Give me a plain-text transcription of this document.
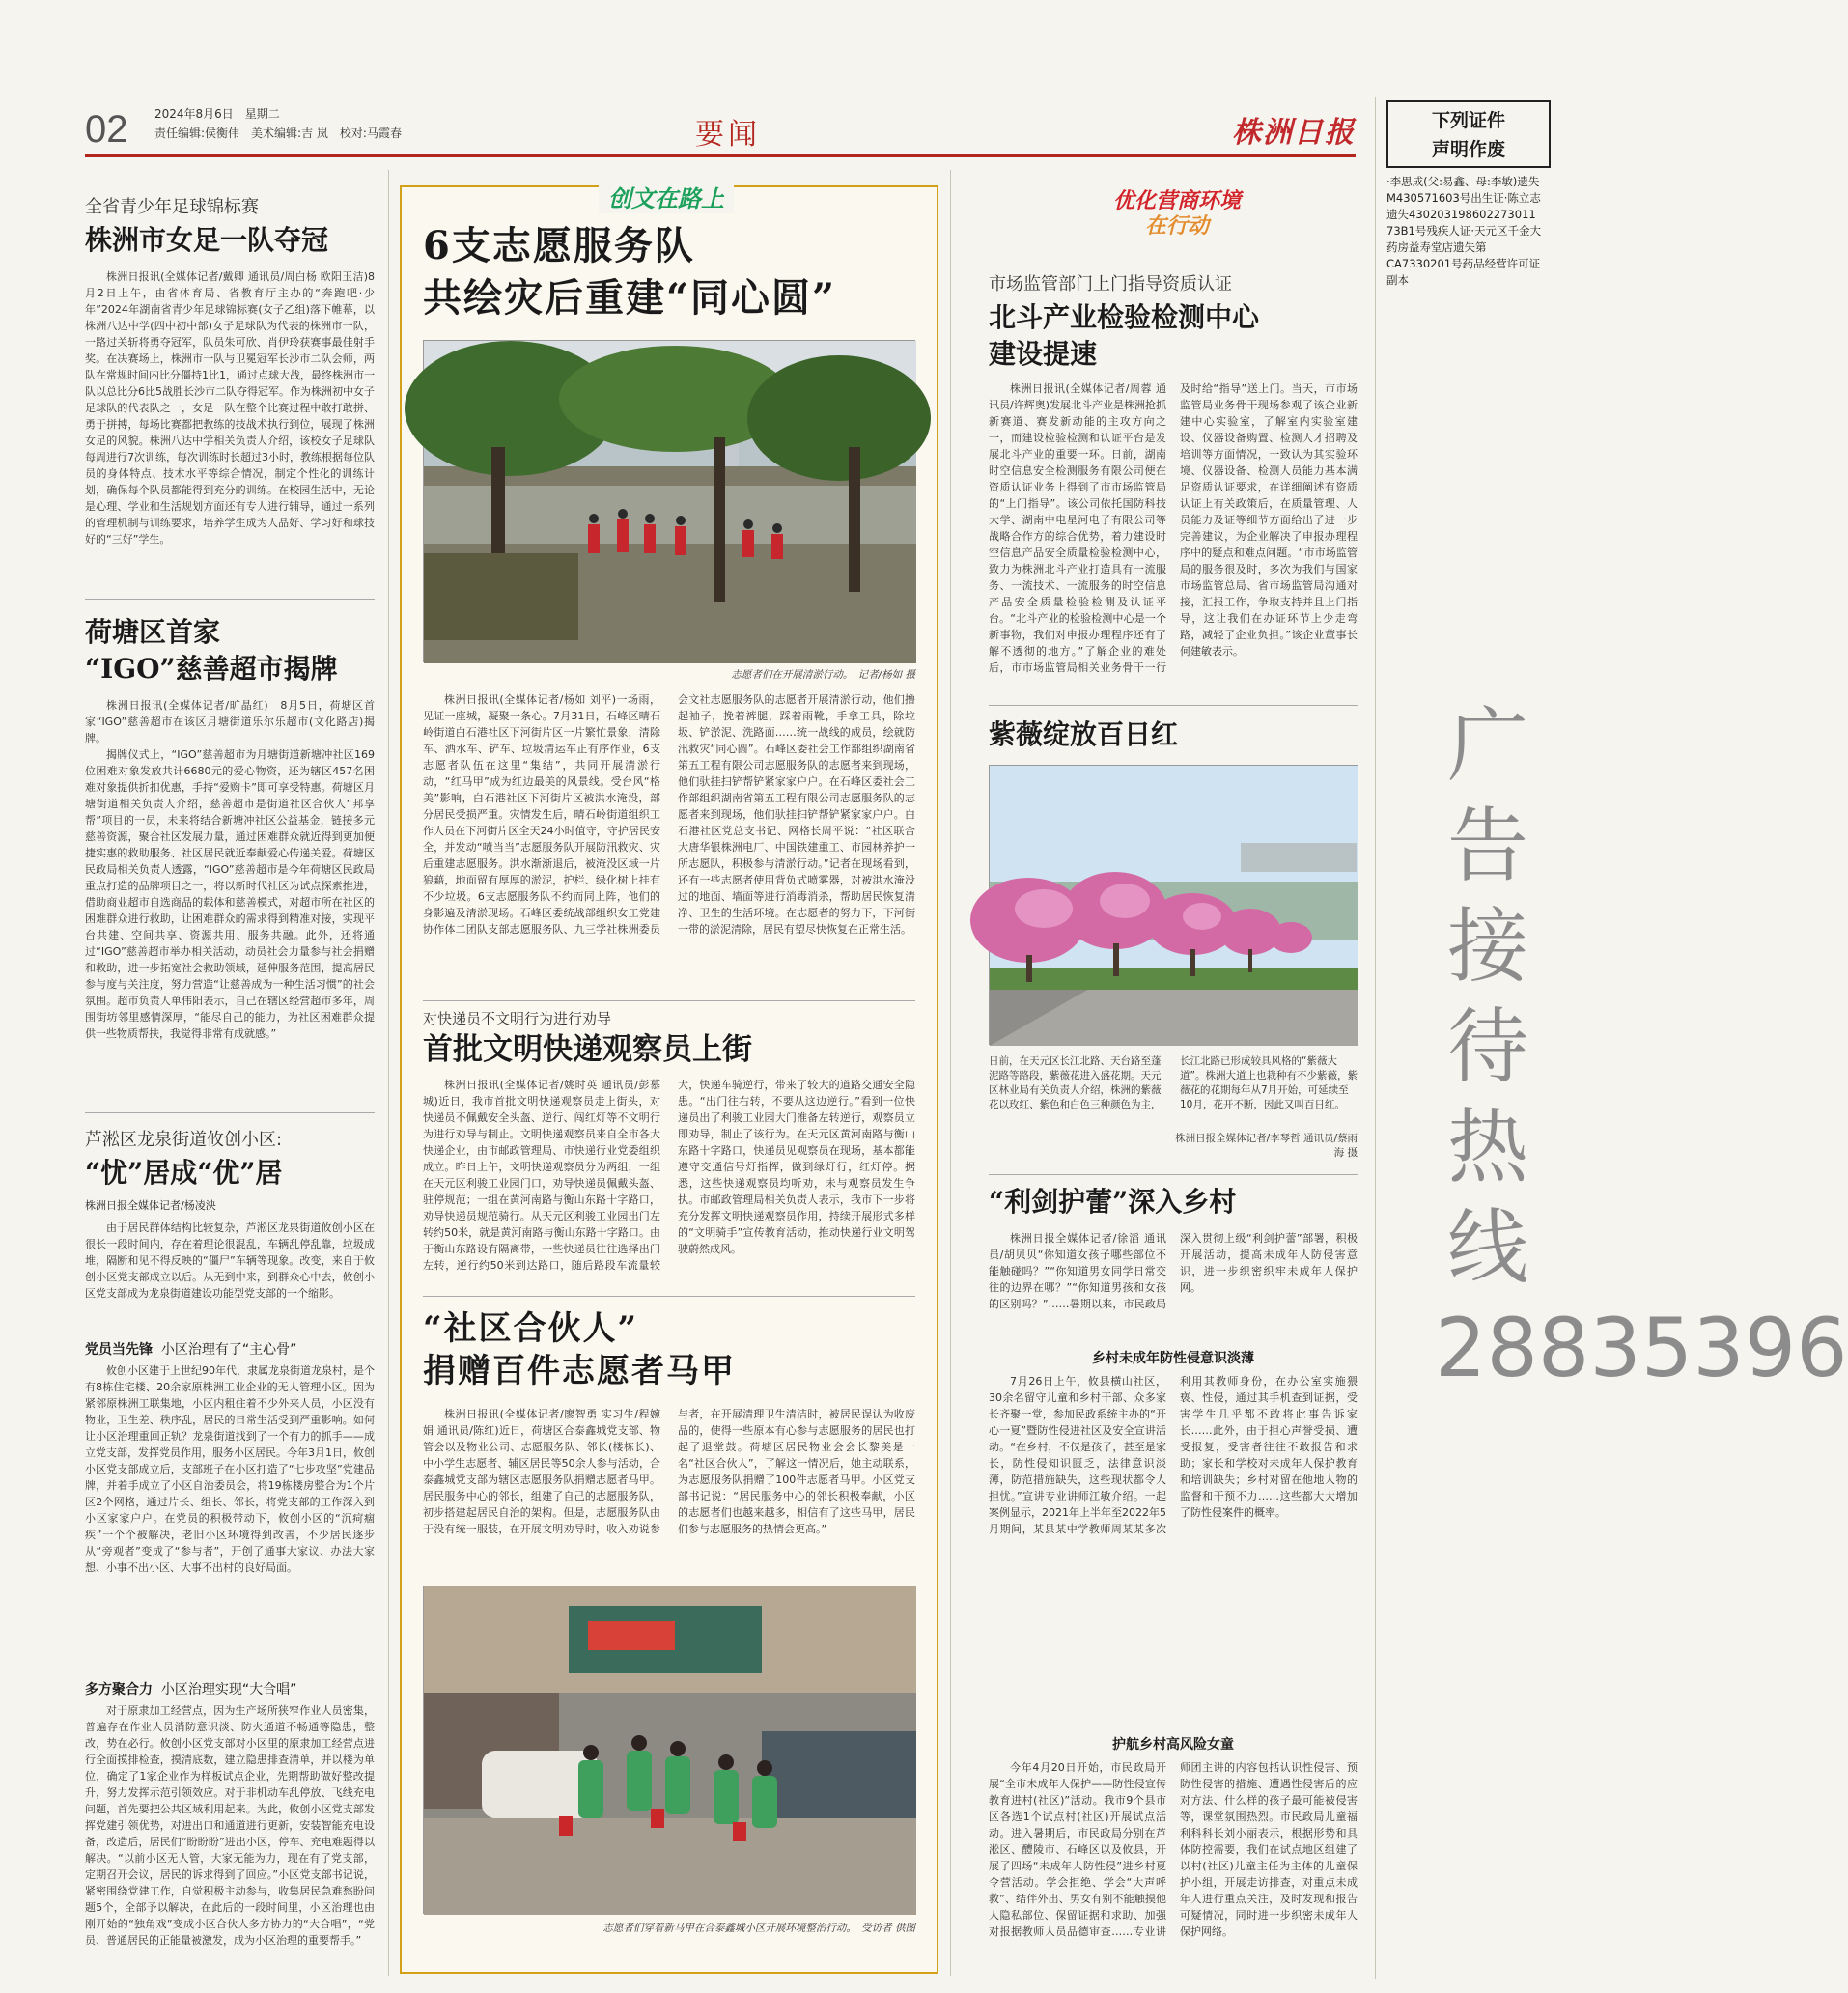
02 2024年8月6日　星期二
责任编辑:侯衡伟　美术编辑:吉 岚　校对:马霞春	要闻	株洲日报	下列证件
声明作废
·李思成(父:易鑫、母:李敏)遗失M430571603号出生证·陈立志遗失430203198602273011 73B1号残疾人证·天元区千金大药房益寿堂店遗失第CA7330201号药品经营许可证副本
广告接待热线28835396
全省青少年足球锦标赛
株洲市女足一队夺冠

株洲日报讯(全媒体记者/戴卿 通讯员/周白杨 欧阳玉洁)8月2日上午，由省体育局、省教育厅主办的“奔跑吧·少年”2024年湖南省青少年足球锦标赛(女子乙组)落下帷幕，以株洲八达中学(四中初中部)女子足球队为代表的株洲市一队，一路过关斩将勇夺冠军，队员朱可欣、肖伊玲获赛事最佳射手奖。在决赛场上，株洲市一队与卫冕冠军长沙市二队会师，两队在常规时间内比分僵持1比1，通过点球大战，最终株洲市一队以总比分6比5战胜长沙市二队夺得冠军。作为株洲初中女子足球队的代表队之一，女足一队在整个比赛过程中敢打敢拼、勇于拼搏，每场比赛都把教练的技战术执行到位，展现了株洲女足的风貌。株洲八达中学相关负责人介绍，该校女子足球队每周进行7次训练，每次训练时长超过3小时，教练根据每位队员的身体特点、技术水平等综合情况，制定个性化的训练计划，确保每个队员都能得到充分的训练。在校园生活中，无论是心理、学业和生活规划方面还有专人进行辅导，通过一系列的管理机制与训练要求，培养学生成为人品好、学习好和球技好的“三好”学生。

荷塘区首家
“IGO”慈善超市揭牌

株洲日报讯(全媒体记者/旷晶红)　8月5日，荷塘区首家“IGO”慈善超市在该区月塘街道乐尔乐超市(文化路店)揭牌。

揭牌仪式上，“IGO”慈善超市为月塘街道新塘冲社区169位困难对象发放共计6680元的爱心物资，还为辖区457名困难对象提供折扣优惠，手持“爱购卡”即可享受特惠。荷塘区月塘街道相关负责人介绍，慈善超市是街道社区合伙人“邦享帮”项目的一员，未来将结合新塘冲社区公益基金，链接多元慈善资源，聚合社区发展力量，通过困难群众就近得到更加便捷实惠的救助服务、社区居民就近奉献爱心传递关爱。荷塘区民政局相关负责人透露，“IGO”慈善超市是今年荷塘区民政局重点打造的品牌项目之一，将以新时代社区为试点探索推进，借助商业超市自选商品的载体和慈善模式，对超市所在社区的困难群众进行救助，让困难群众的需求得到精准对接，实现平台共建、空间共享、资源共用、服务共融。此外，还将通过“IGO”慈善超市举办相关活动，动员社会力量参与社会捐赠和救助，进一步拓宽社会救助领域，延伸服务范围，提高居民参与度与关注度，努力营造“让慈善成为一种生活习惯”的社会氛围。超市负责人单伟阳表示，自己在辖区经营超市多年，周围街坊邻里感情深厚，“能尽自己的能力，为社区困难群众提供一些物质帮扶，我觉得非常有成就感。”

芦淞区龙泉街道攸创小区:
“忧”居成“优”居
株洲日报全媒体记者/杨凌泱

由于居民群体结构比较复杂，芦淞区龙泉街道攸创小区在很长一段时间内，存在着理论很混乱，车辆乱停乱靠，垃圾成堆，隔断和见不得反映的“僵尸”车辆等现象。改变，来自于攸创小区党支部成立以后。从无到中来，到群众心中去，攸创小区党支部成为龙泉街道建设功能型党支部的一个缩影。

党员当先锋 小区治理有了“主心骨”

攸创小区建于上世纪90年代，隶属龙泉街道龙泉村，是个有8栋住宅楼、20余家原株洲工业企业的无人管理小区。因为紧邻原株洲工联集地，小区内租住着不少外来人员，小区没有物业，卫生差、秩序乱，居民的日常生活受到严重影响。如何让小区治理重回正轨？龙泉街道找到了一个有力的抓手——成立党支部，发挥党员作用，服务小区居民。今年3月1日，攸创小区党支部成立后，支部班子在小区打造了“七步攻坚”党建品牌，并着手成立了小区自治委员会，将19栋楼房整合为1个片区2个网格，通过片长、组长、邻长，将党支部的工作深入到小区家家户户。在党员的积极带动下，攸创小区的“沉疴痼疾”一个个被解决，老旧小区环境得到改善，不少居民逐步从“旁观者”变成了“参与者”，开创了通事大家议、办法大家想、小事不出小区、大事不出村的良好局面。

多方聚合力 小区治理实现“大合唱”

对于原隶加工经营点，因为生产场所狭窄作业人员密集，普遍存在作业人员消防意识淡、防火通道不畅通等隐患，整改，势在必行。攸创小区党支部对小区里的原隶加工经营点进行全面摸排检查，摸清底数，建立隐患排查清单，并以楼为单位，确定了1家企业作为样板试点企业，先期帮助做好整改提升，努力发挥示范引领效应。对于非机动车乱停放、飞线充电问题，首先要把公共区域利用起来。为此，攸创小区党支部发挥党建引领优势，对进出口和通道进行更新，安装智能充电设备，改造后，居民们“盼盼盼”进出小区，停车、充电难题得以解决。“以前小区无人管，大家无能为力，现在有了党支部，定期召开会议，居民的诉求得到了回应。”小区党支部书记说，紧密围绕党建工作，自觉积极主动参与，收集居民急难愁盼问题5个，全部予以解决，在此后的一段时间里，小区治理也由刚开始的“独角戏”变成小区合伙人多方协力的“大合唱”，“党员、普通居民的正能量被激发，成为小区治理的重要帮手。”

创文在路上
6支志愿服务队
共绘灾后重建“同心圆”
志愿者们在开展清淤行动。　记者/杨如 摄

株洲日报讯(全媒体记者/杨如 刘平)一场雨，见证一座城，凝聚一条心。7月31日，石峰区晴石岭街道白石港社区下河街片区一片繁忙景象，清除车、洒水车、铲车、垃圾清运车正有序作业，6支志愿者队伍在这里“集结”，共同开展清淤行动，“红马甲”成为红边最美的风景线。受台风“格美”影响，白石港社区下河街片区被洪水淹没，部分居民受损严重。灾情发生后，晴石岭街道组织工作人员在下河街片区全天24小时值守，守护居民安全，并发动“喷当当”志愿服务队开展防汛救灾、灾后重建志愿服务。洪水渐渐退后，被淹没区域一片狼藉，地面留有厚厚的淤泥，护栏、绿化树上挂有不少垃圾。6支志愿服务队不约而同上阵，他们的身影遍及清淤现场。石峰区委统战部组织女工党建协作体二团队支部志愿服务队、九三学社株洲委员会文社志愿服务队的志愿者开展清淤行动，他们撸起袖子，挽着裤腿，踩着雨靴，手拿工具，除垃圾、铲淤泥、洗路面……统一战线的成员，绘就防汛救灾“同心圆”。石峰区委社会工作部组织湖南省第五工程有限公司志愿服务队的志愿者来到现场，他们驮挂扫铲帮铲紧家家户户。在石峰区委社会工作部组织湖南省第五工程有限公司志愿服务队的志愿者来到现场，他们驮挂扫铲帮铲紧家家户户。白石港社区党总支书记、网格长周平说：“社区联合大唐华银株洲电厂、中国铁建重工、市园林养护一所志愿队，积极参与清淤行动。”记者在现场看到，还有一些志愿者使用背负式喷雾器，对被洪水淹没过的地面、墙面等进行消毒消杀，帮助居民恢复清净、卫生的生活环境。在志愿者的努力下，下河街一带的淤泥清除，居民有望尽快恢复在正常生活。

对快递员不文明行为进行劝导
首批文明快递观察员上街

株洲日报讯(全媒体记者/姚时英 通讯员/彭慕城)近日，我市首批文明快递观察员走上街头，对快递员不佩戴安全头盔、逆行、闯红灯等不文明行为进行劝导与制止。文明快递观察员来自全市各大快递企业，由市邮政管理局、市快递行业党委组织成立。昨日上午，文明快递观察员分为两组，一组在天元区利骏工业园门口，劝导快递员佩戴头盔、驻停规范；一组在黄河南路与衡山东路十字路口，劝导快递员规范骑行。从天元区利骏工业园出门左转约50米，就是黄河南路与衡山东路十字路口。由于衡山东路设有隔离带，一些快递员往往选择出门左转，逆行约50米到达路口，随后路段车流量较大，快递车骑逆行，带来了较大的道路交通安全隐患。“出门往右转，不要从这边逆行。”看到一位快递员出了利骏工业园大门准备左转逆行，观察员立即劝导，制止了该行为。在天元区黄河南路与衡山东路十字路口，快递员见观察员在现场，基本都能遵守交通信号灯指挥，做到绿灯行，红灯停。据悉，这些快递观察员均听劝，未与观察员发生争执。市邮政管理局相关负责人表示，我市下一步将充分发挥文明快递观察员作用，持续开展形式多样的“文明骑手”宣传教育活动，推动快递行业文明驾驶蔚然成风。

“社区合伙人”
捐赠百件志愿者马甲

株洲日报讯(全媒体记者/廖智勇 实习生/程婉娟 通讯员/陈红)近日，荷塘区合泰鑫城党支部、物管会以及物业公司、志愿服务队、邻长(楼栋长)、中小学生志愿者、辅区居民等50余人参与活动，合泰鑫城党支部为辖区志愿服务队捐赠志愿者马甲。居民服务中心的邻长，组建了自己的志愿服务队，初步搭建起居民自治的架构。但是，志愿服务队由于没有统一服装，在开展文明劝导时，收入劝说参与者，在开展清理卫生清洁时，被居民误认为收废品的，使得一些原本有心参与志愿服务的居民也打起了退堂鼓。荷塘区居民物业会会长黎美是一名“社区合伙人”，了解这一情况后，她主动联系，为志愿服务队捐赠了100件志愿者马甲。小区党支部书记说：“居民服务中心的邻长积极奉献，小区的志愿者们也越来越多，相信有了这些马甲，居民们参与志愿服务的热情会更高。”

志愿者们穿着新马甲在合泰鑫城小区开展环境整治行动。　受访者 供图
优化营商环境
在行动
市场监管部门上门指导资质认证
北斗产业检验检测中心
建设提速

株洲日报讯(全媒体记者/周蓉 通讯员/许辉奥)发展北斗产业是株洲抢抓新赛道、赛发新动能的主攻方向之一，而建设检验检测和认证平台是发展北斗产业的重要一环。日前，湖南时空信息安全检测服务有限公司便在资质认证业务上得到了市市场监管局的“上门指导”。该公司依托国防科技大学、湖南中电星河电子有限公司等战略合作方的综合优势，着力建设时空信息产品安全质量检验检测中心，致力为株洲北斗产业打造具有一流服务、一流技术、一流服务的时空信息产品安全质量检验检测及认证平台。“北斗产业的检验检测中心是一个新事物，我们对申报办理程序还有了解不透彻的地方。”了解企业的难处后，市市场监管局相关业务骨干一行及时给“指导”送上门。当天，市市场监管局业务骨干现场参观了该企业新建中心实验室，了解室内实验室建设、仪器设备购置、检测人才招聘及培训等方面情况，一致认为其实验环境、仪器设备、检测人员能力基本满足资质认证要求，在详细阐述有资质认证上有关政策后，在质量管理、人员能力及证等细节方面给出了进一步完善建议，为企业解决了申报办理程序中的疑点和难点问题。“市市场监管局的服务很及时，多次为我们与国家市场监管总局、省市场监管局沟通对接，汇报工作，争取支持并且上门指导，这让我们在办证环节上少走弯路，减轻了企业负担。”该企业董事长何建敏表示。

紫薇绽放百日红
日前，在天元区长江北路、天台路至蓬泥路等路段，紫薇花进入盛花期。天元区林业局有关负责人介绍，株洲的紫薇花以玫红、紫色和白色三种颜色为主，长江北路已形成较具风格的“紫薇大道”。株洲大道上也栽种有不少紫薇，紫薇花的花期每年从7月开始，可延续至10月，花开不断，因此又叫百日红。
株洲日报全媒体记者/李琴哲 通讯员/蔡雨海 摄
“利剑护蕾”深入乡村

株洲日报全媒体记者/徐滔 通讯员/胡贝贝“你知道女孩子哪些部位不能触碰吗？”“你知道男女同学日常交往的边界在哪？”“你知道男孩和女孩的区别吗？”……暑期以来，市民政局深入贯彻上级“利剑护蕾”部署，积极开展活动，提高未成年人防侵害意识，进一步织密织牢未成年人保护网。

乡村未成年防性侵意识淡薄

7月26日上午，攸县横山社区，30余名留守儿童和乡村干部、众多家长齐聚一堂，参加民政系统主办的“开心一夏”暨防性侵进社区及安全宣讲活动。“在乡村，不仅是孩子，甚至是家长，防性侵知识匮乏，法律意识淡薄，防范措施缺失，这些现状都令人担忧。”宣讲专业讲师江敏介绍。一起案例显示，2021年上半年至2022年5月期间，某县某中学教师周某某多次利用其教师身份，在办公室实施猥亵、性侵，通过其手机查到证据，受害学生几乎都不敢将此事告诉家长……此外，由于担心声誉受损、遭受报复，受害者往往不敢报告和求助；家长和学校对未成年人保护教育和培训缺失；乡村对留在他地人物的监督和干预不力……这些都大大增加了防性侵案件的概率。

护航乡村高风险女童

今年4月20日开始，市民政局开展“全市未成年人保护——防性侵宣传教育进村(社区)”活动。我市9个县市区各选1个试点村(社区)开展试点活动。进入暑期后，市民政局分别在芦淞区、醴陵市、石峰区以及攸县，开展了四场“未成年人防性侵”进乡村夏令营活动。学会拒绝、学会“大声呼救”、结伴外出、男女有别不能触摸他人隐私部位、保留证据和求助、加强对报据教师人员品德审查……专业讲师团主讲的内容包括认识性侵害、预防性侵害的措施、遭遇性侵害后的应对方法、什么样的孩子最可能被侵害等，课堂氛围热烈。市民政局儿童福利科科长刘小丽表示，根据形势和具体防控需要，我们在试点地区组建了以村(社区)儿童主任为主体的儿童保护小组，开展走访排查，对重点未成年人进行重点关注，及时发现和报告可疑情况，同时进一步织密未成年人保护网络。
